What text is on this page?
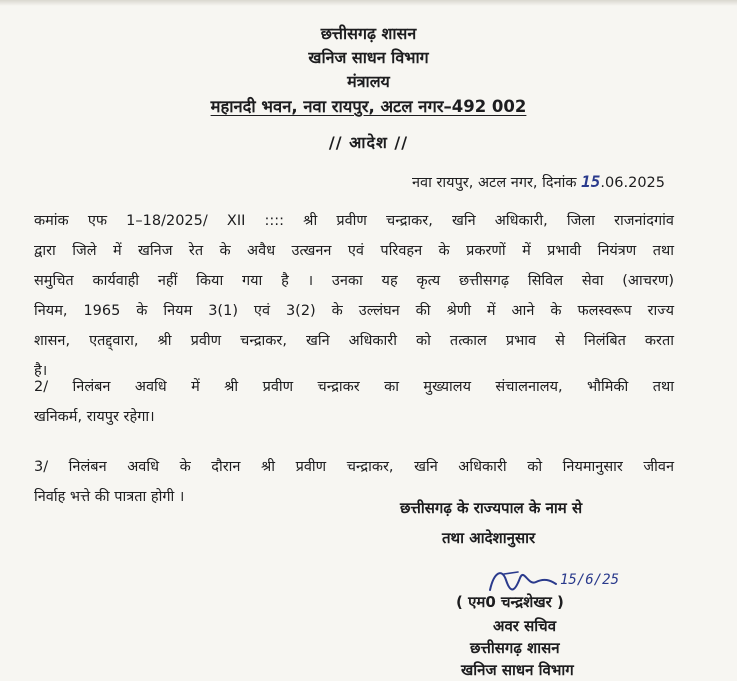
छत्तीसगढ़ शासन
खनिज साधन विभाग
मंत्रालय
महानदी भवन, नवा रायपुर, अटल नगर–492 002
// आदेश //
नवा रायपुर, अटल नगर, दिनांक 15.06.2025
कमांक एफ 1–18/2025/ XII :::: श्री प्रवीण चन्द्राकर, खनि अधिकारी, जिला राजनांदगांव
द्वारा जिले में खनिज रेत के अवैध उत्खनन एवं परिवहन के प्रकरणों में प्रभावी नियंत्रण तथा
समुचित कार्यवाही नहीं किया गया है । उनका यह कृत्य छत्तीसगढ़ सिविल सेवा (आचरण)
नियम, 1965 के नियम 3(1) एवं 3(2) के उल्लंघन की श्रेणी में आने के फलस्वरूप राज्य
शासन, एतद्द्वारा, श्री प्रवीण चन्द्राकर, खनि अधिकारी को तत्काल प्रभाव से निलंबित करता
है।
2/ निलंबन अवधि में श्री प्रवीण चन्द्राकर का मुख्यालय संचालनालय, भौमिकी तथा
खनिकर्म, रायपुर रहेगा।
3/ निलंबन अवधि के दौरान श्री प्रवीण चन्द्राकर, खनि अधिकारी को नियमानुसार जीवन
निर्वाह भत्ते की पात्रता होगी ।
छत्तीसगढ़ के राज्यपाल के नाम से
तथा आदेशानुसार
15/6/25
( एम0 चन्द्रशेखर )
अवर सचिव
छत्तीसगढ़ शासन
खनिज साधन विभाग
